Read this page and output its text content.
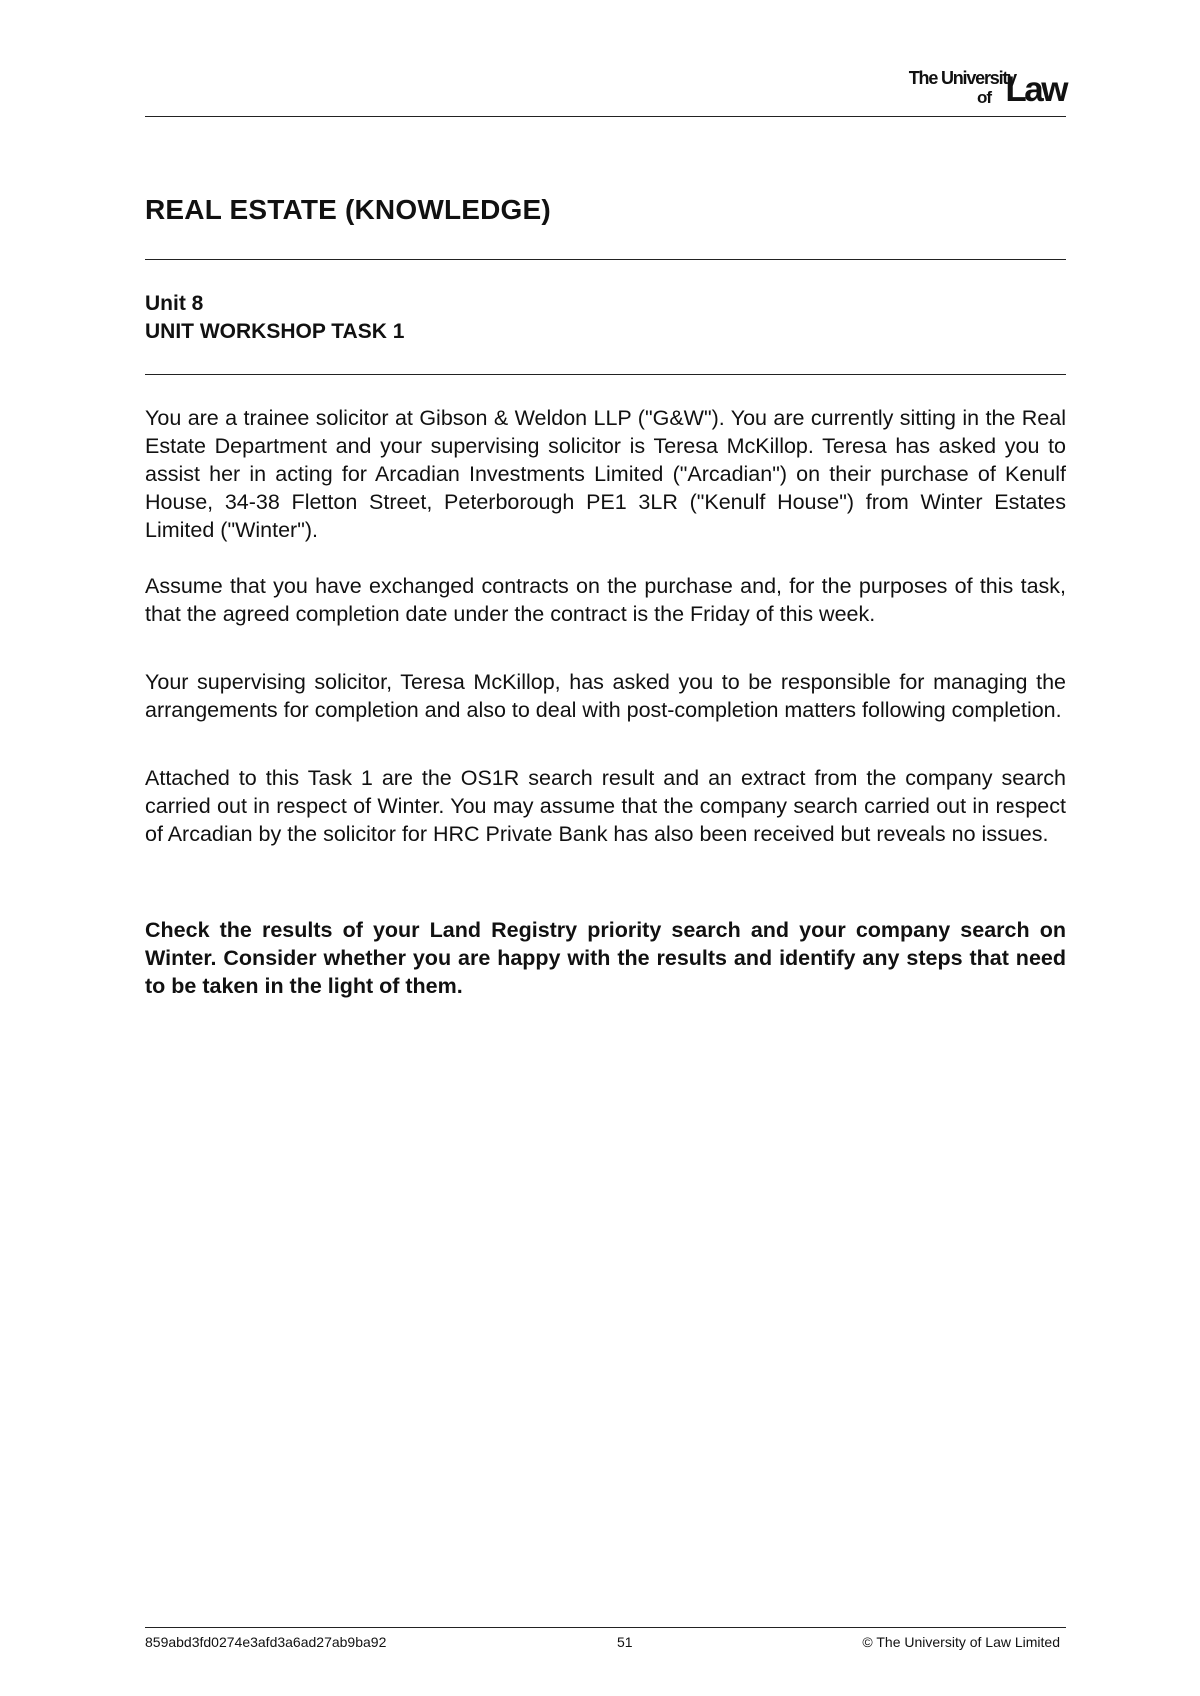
The University
of Law
REAL ESTATE (KNOWLEDGE)
Unit 8
UNIT WORKSHOP TASK 1

You are a trainee solicitor at Gibson & Weldon LLP ("G&W"). You are currently sitting in the Real Estate Department and your supervising solicitor is Teresa McKillop. Teresa has asked you to assist her in acting for Arcadian Investments Limited ("Arcadian") on their purchase of Kenulf House, 34-38 Fletton Street, Peterborough PE1 3LR ("Kenulf House") from Winter Estates Limited ("Winter").

Assume that you have exchanged contracts on the purchase and, for the purposes of this task, that the agreed completion date under the contract is the Friday of this week.

Your supervising solicitor, Teresa McKillop, has asked you to be responsible for managing the arrangements for completion and also to deal with post-completion matters following completion.

Attached to this Task 1 are the OS1R search result and an extract from the company search carried out in respect of Winter. You may assume that the company search carried out in respect of Arcadian by the solicitor for HRC Private Bank has also been received but reveals no issues.

Check the results of your Land Registry priority search and your company search on Winter. Consider whether you are happy with the results and identify any steps that need to be taken in the light of them.

859abd3fd0274e3afd3a6ad27ab9ba92	51	© The University of Law Limited
